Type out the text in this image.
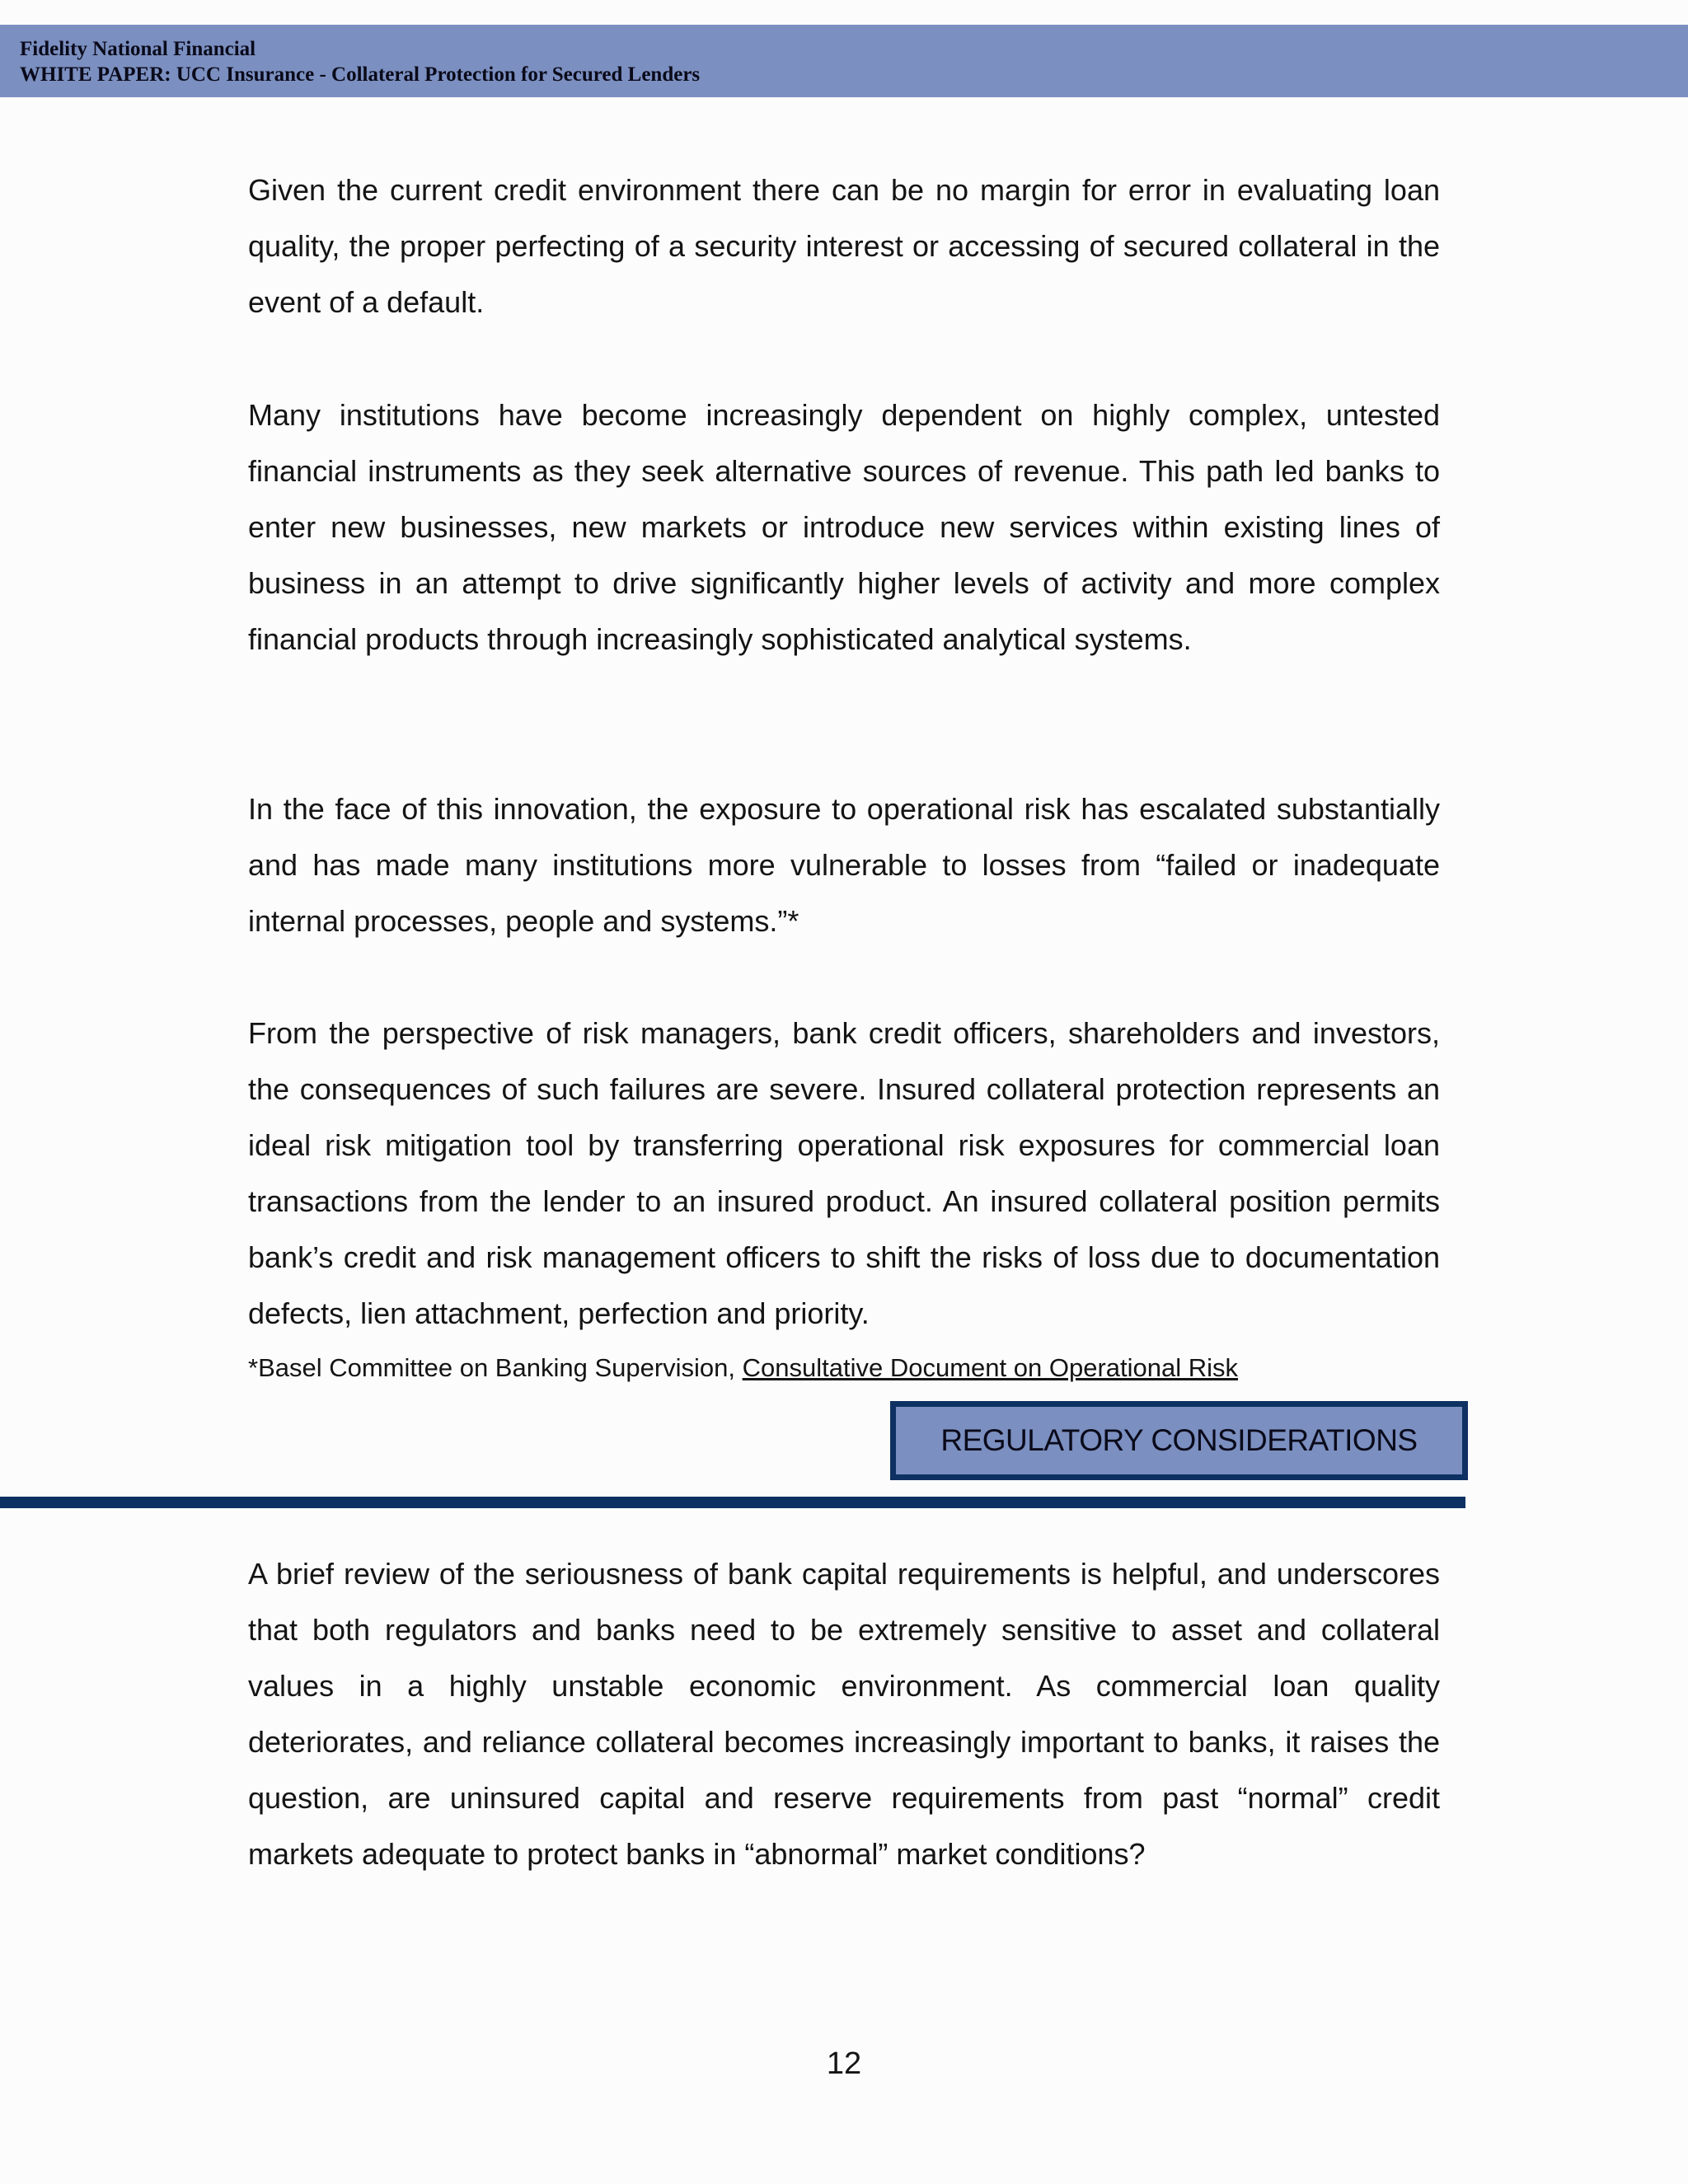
Fidelity National Financial
WHITE PAPER: UCC Insurance - Collateral Protection for Secured Lenders

Given the current credit environment there can be no margin for error in evaluating loan quality, the proper perfecting of a security interest or accessing of secured collateral in the event of a default.

Many institutions have become increasingly dependent on highly complex, untested financial instruments as they seek alternative sources of revenue. This path led banks to enter new businesses, new markets or introduce new services within existing lines of business in an attempt to drive significantly higher levels of activity and more complex financial products through increasingly sophisticated analytical systems.

In the face of this innovation, the exposure to operational risk has escalated substantially and has made many institutions more vulnerable to losses from “failed or inadequate internal processes, people and systems.”*

From the perspective of risk managers, bank credit officers, shareholders and investors, the consequences of such failures are severe. Insured collateral protection represents an ideal risk mitigation tool by transferring operational risk exposures for commercial loan transactions from the lender to an insured product. An insured collateral position permits bank’s credit and risk management officers to shift the risks of loss due to documentation defects, lien attachment, perfection and priority.

*Basel Committee on Banking Supervision, Consultative Document on Operational Risk
REGULATORY CONSIDERATIONS

A brief review of the seriousness of bank capital requirements is helpful, and underscores that both regulators and banks need to be extremely sensitive to asset and collateral values in a highly unstable economic environment. As commercial loan quality deteriorates, and reliance collateral becomes increasingly important to banks, it raises the question, are uninsured capital and reserve requirements from past “normal” credit markets adequate to protect banks in “abnormal” market conditions?

12
